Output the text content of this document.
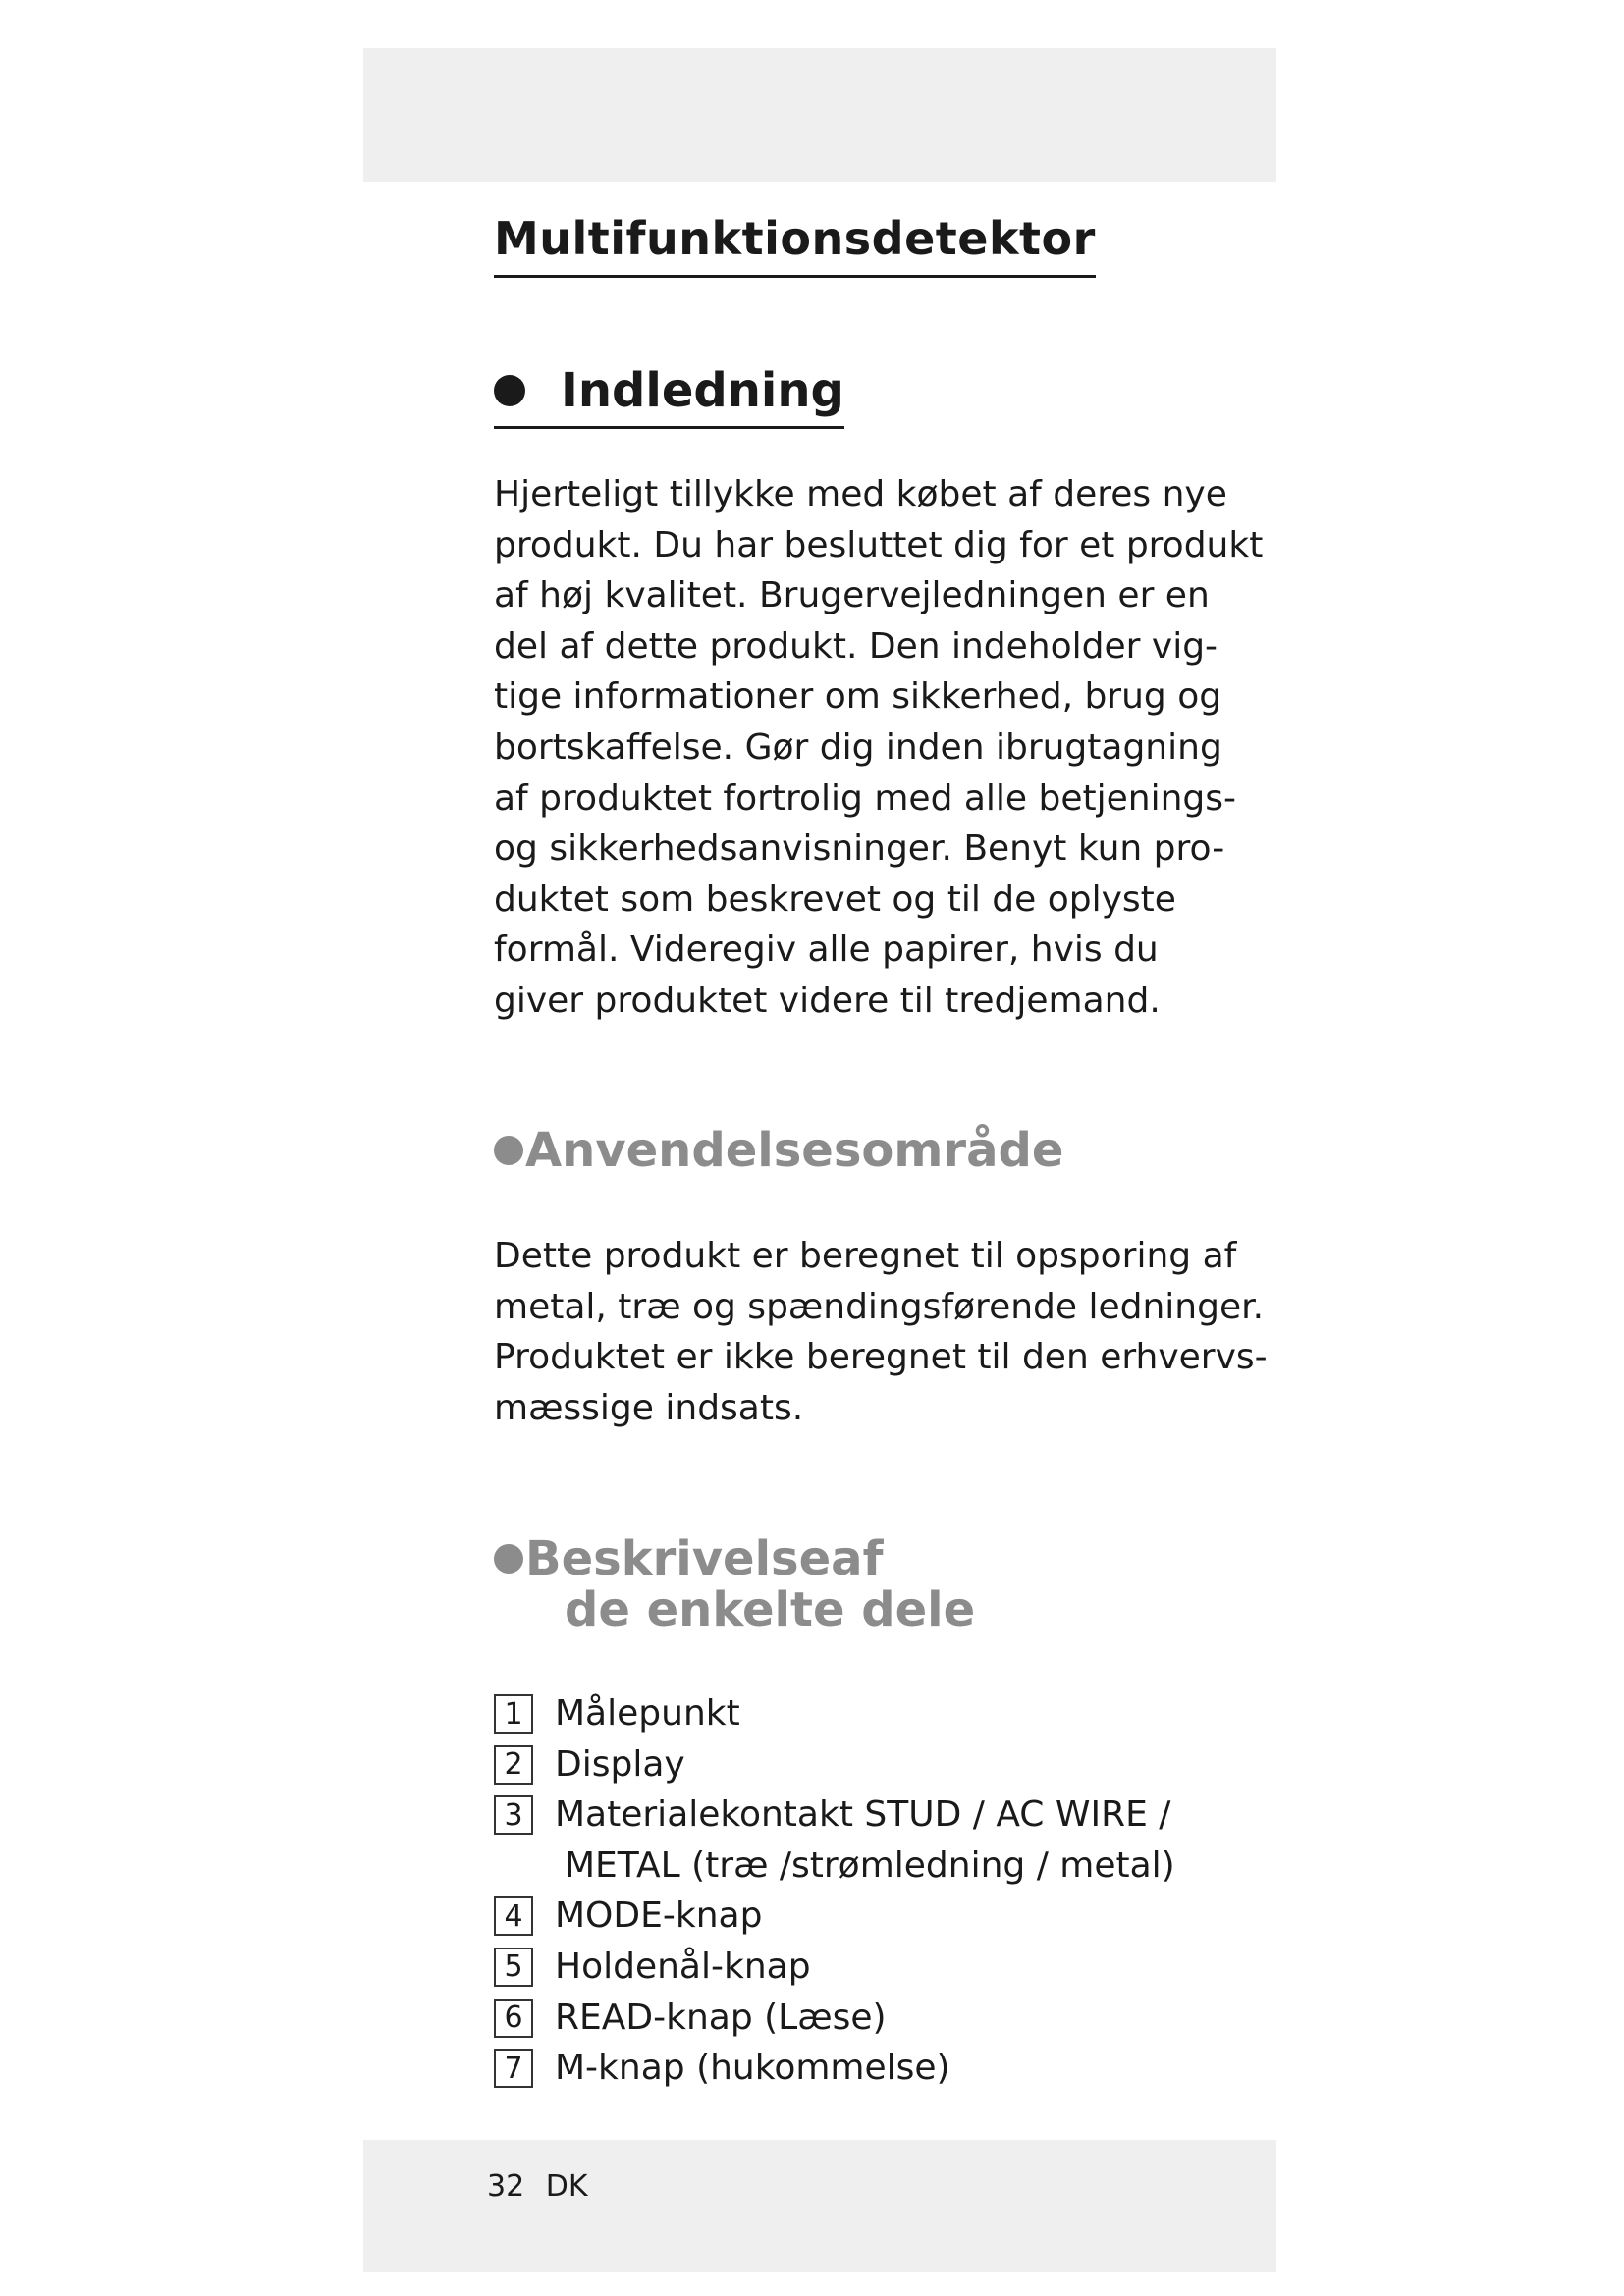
Multifunktionsdetektor
Indledning

Hjerteligt tillykke med købet af deres nye
produkt. Du har besluttet dig for et produkt
af høj kvalitet. Brugervejledningen er en
del af dette produkt. Den indeholder vig-
tige informationer om sikkerhed, brug og
bortskaffelse. Gør dig inden ibrugtagning
af produktet fortrolig med alle betjenings-
og sikkerhedsanvisninger. Benyt kun pro-
duktet som beskrevet og til de oplyste
formål. Videregiv alle papirer, hvis du
giver produktet videre til tredjemand.

Anvendelsesområde

Dette produkt er beregnet til opsporing af
metal, træ og spændingsførende ledninger.
Produktet er ikke beregnet til den erhvervs-
mæssige indsats.

Beskrivelseaf
de enkelte dele
1 Målepunkt
2 Display
3 Materialekontakt STUD / AC WIRE /
METAL (træ /strømledning / metal)
4 MODE-knap
5 Holdenål-knap
6 READ-knap (Læse)
7 M-knap (hukommelse)
32 DK
